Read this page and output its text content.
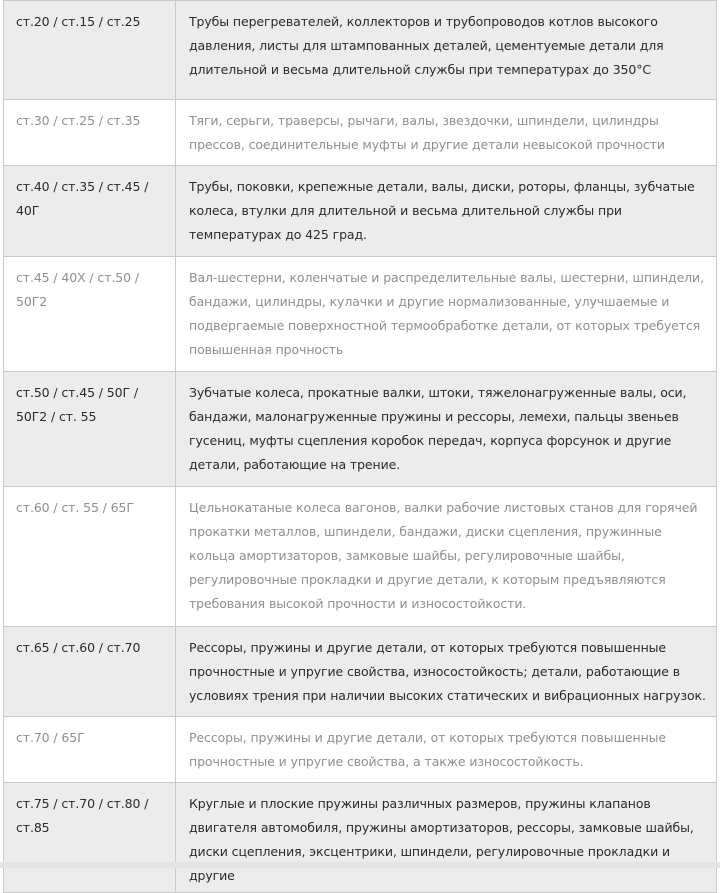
ст.20 / ст.15 / ст.25	Трубы перегревателей, коллекторов и трубопроводов котлов высокого давления, листы для штампованных деталей, цементуемые детали для длительной и весьма длительной службы при температурах до 350°С
ст.30 / ст.25 / ст.35	Тяги, серьги, траверсы, рычаги, валы, звездочки, шпиндели, цилиндры прессов, соединительные муфты и другие детали невысокой прочности
ст.40 / ст.35 / ст.45 / 40Г	Трубы, поковки, крепежные детали, валы, диски, роторы, фланцы, зубчатые колеса, втулки для длительной и весьма длительной службы при температурах до 425 град.
ст.45 / 40Х / ст.50 / 50Г2	Вал-шестерни, коленчатые и распределительные валы, шестерни, шпиндели, бандажи, цилиндры, кулачки и другие нормализованные, улучшаемые и подвергаемые поверхностной термообработке детали, от которых требуется повышенная прочность
ст.50 / ст.45 / 50Г / 50Г2 / ст. 55	Зубчатые колеса, прокатные валки, штоки, тяжелонагруженные валы, оси, бандажи, малонагруженные пружины и рессоры, лемехи, пальцы звеньев гусениц, муфты сцепления коробок передач, корпуса форсунок и другие детали, работающие на трение.
ст.60 / ст. 55 / 65Г	Цельнокатаные колеса вагонов, валки рабочие листовых станов для горячей прокатки металлов, шпиндели, бандажи, диски сцепления, пружинные кольца амортизаторов, замковые шайбы, регулировочные шайбы, регулировочные прокладки и другие детали, к которым предъявляются требования высокой прочности и износостойкости.
ст.65 / ст.60 / ст.70	Рессоры, пружины и другие детали, от которых требуются повышенные прочностные и упругие свойства, износостойкость; детали, работающие в условиях трения при наличии высоких статических и вибрационных нагрузок.
ст.70 / 65Г	Рессоры, пружины и другие детали, от которых требуются повышенные прочностные и упругие свойства, а также износостойкость.
ст.75 / ст.70 / ст.80 / ст.85	Круглые и плоские пружины различных размеров, пружины клапанов двигателя автомобиля, пружины амортизаторов, рессоры, замковые шайбы, диски сцепления, эксцентрики, шпиндели, регулировочные прокладки и другие
